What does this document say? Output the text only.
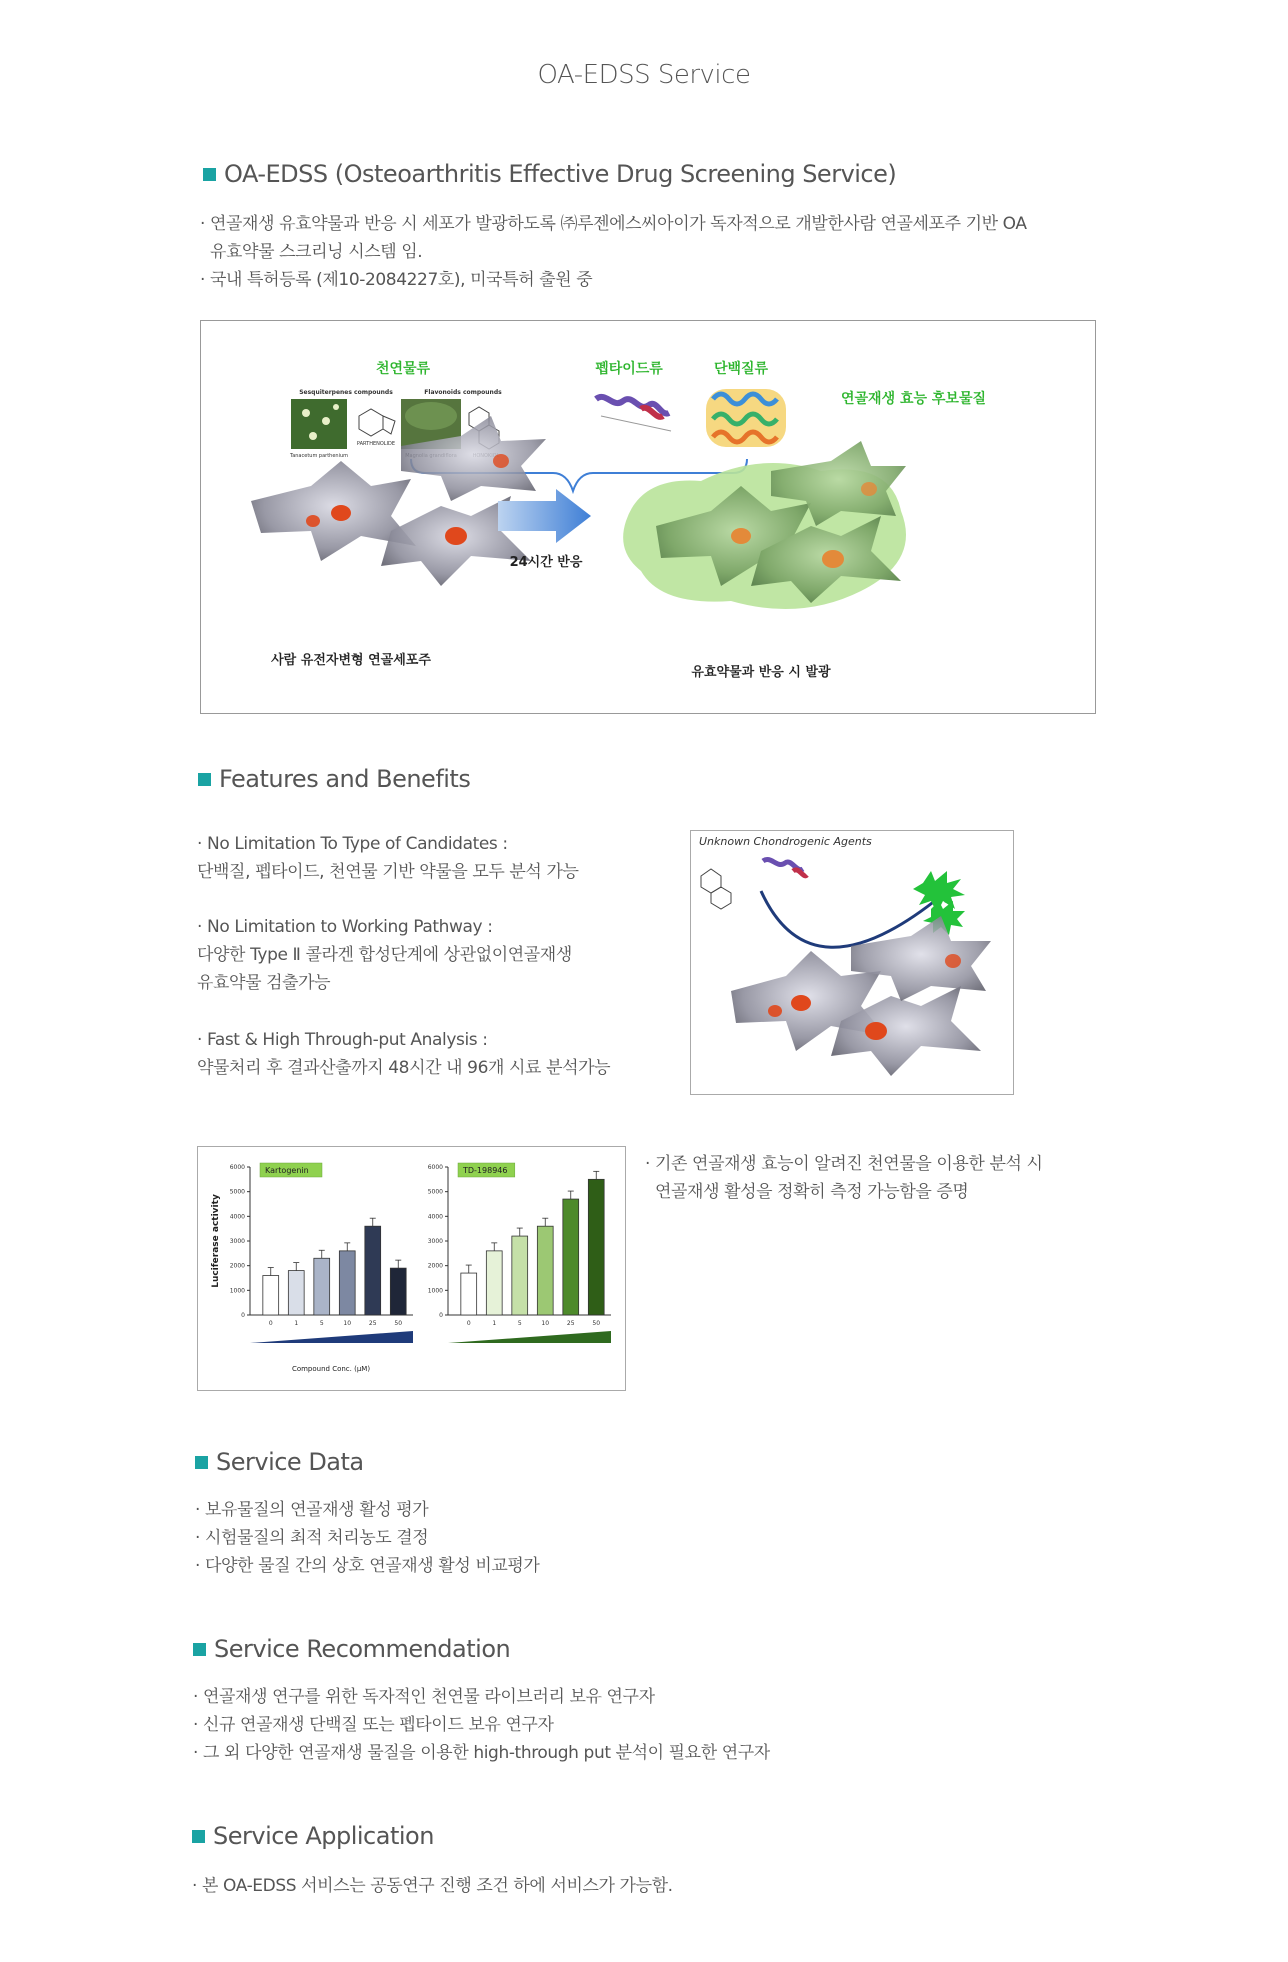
OA-EDSS Service
OA-EDSS (Osteoarthritis Effective Drug Screening Service)
· 연골재생 유효약물과 반응 시 세포가 발광하도록 ㈜루젠에스씨아이가 독자적으로 개발한사람 연골세포주 기반 OA
유효약물 스크리닝 시스템 임.
· 국내 특허등록 (제10-2084227호), 미국특허 출원 중
천연물류	펩타이드류	단백질류
Sesquiterpenes compounds	Flavonoids compounds
Tanacetum parthenium
PARTHENOLIDE
연골재생 효능 후보물질
24시간 반응
사람 유전자변형 연골세포주
유효약물과 반응 시 발광
Features and Benefits
· No Limitation To Type of Candidates :
단백질, 펩타이드, 천연물 기반 약물을 모두 분석 가능
· No Limitation to Working Pathway :
다양한 Type Ⅱ 콜라겐 합성단계에 상관없이연골재생
유효약물 검출가능
· Fast & High Through-put Analysis :
약물처리 후 결과산출까지 48시간 내 96개 시료 분석가능
Unknown Chondrogenic Agents
0
1000
2000
3000
4000
5000
6000	Kartogenin
0	1	5	10	25	50
0
1000
2000
3000
4000
5000
6000	TD-198946
0	1	5	10	25	50
Luciferase activity
Compound Conc. (μM)
· 기존 연골재생 효능이 알려진 천연물을 이용한 분석 시
연골재생 활성을 정확히 측정 가능함을 증명
Service Data
· 보유물질의 연골재생 활성 평가
· 시험물질의 최적 처리농도 결정
· 다양한 물질 간의 상호 연골재생 활성 비교평가
Service Recommendation
· 연골재생 연구를 위한 독자적인 천연물 라이브러리 보유 연구자
· 신규 연골재생 단백질 또는 펩타이드 보유 연구자
· 그 외 다양한 연골재생 물질을 이용한 high-through put 분석이 필요한 연구자
Service Application
· 본 OA-EDSS 서비스는 공동연구 진행 조건 하에 서비스가 가능함.
